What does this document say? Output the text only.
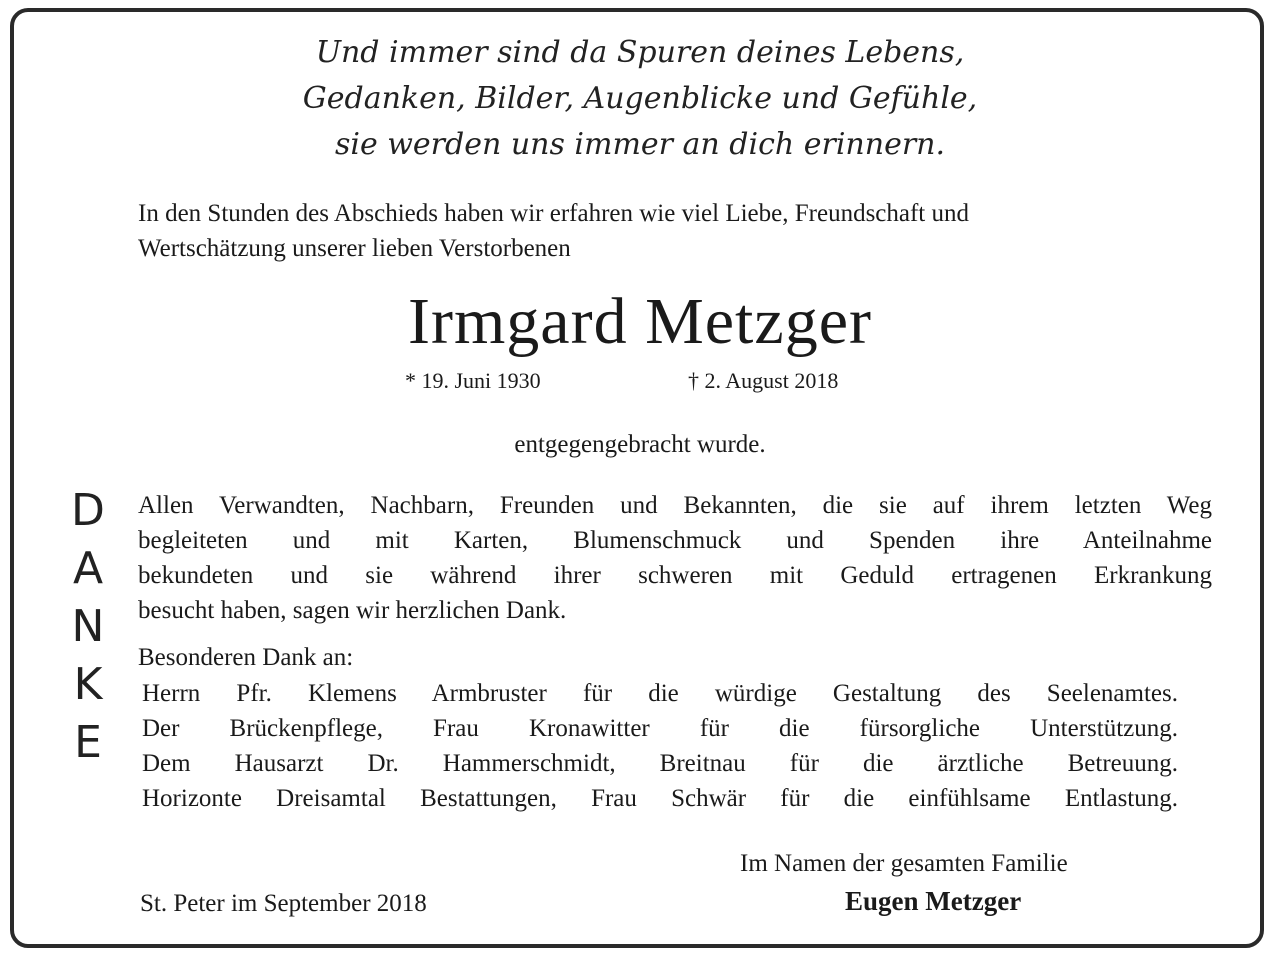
Und immer sind da Spuren deines Lebens,
Gedanken, Bilder, Augenblicke und Gefühle,
sie werden uns immer an dich erinnern.
In den Stunden des Abschieds haben wir erfahren wie viel Liebe, Freundschaft und
Wertschätzung unserer lieben Verstorbenen
Irmgard Metzger
* 19. Juni 1930	† 2. August 2018
entgegengebracht wurde.
D
A
N
K
E
Allen Verwandten, Nachbarn, Freunden und Bekannten, die sie auf ihrem letzten Weg
begleiteten und mit Karten, Blumenschmuck und Spenden ihre Anteilnahme
bekundeten und sie während ihrer schweren mit Geduld ertragenen Erkrankung
besucht haben, sagen wir herzlichen Dank.
Besonderen Dank an:
Herrn Pfr. Klemens Armbruster für die würdige Gestaltung des Seelenamtes.
Der Brückenpflege, Frau Kronawitter für die fürsorgliche Unterstützung.
Dem Hausarzt Dr. Hammerschmidt, Breitnau für die ärztliche Betreuung.
Horizonte Dreisamtal Bestattungen, Frau Schwär für die einfühlsame Entlastung.
Im Namen der gesamten Familie
Eugen Metzger
St. Peter im September 2018
